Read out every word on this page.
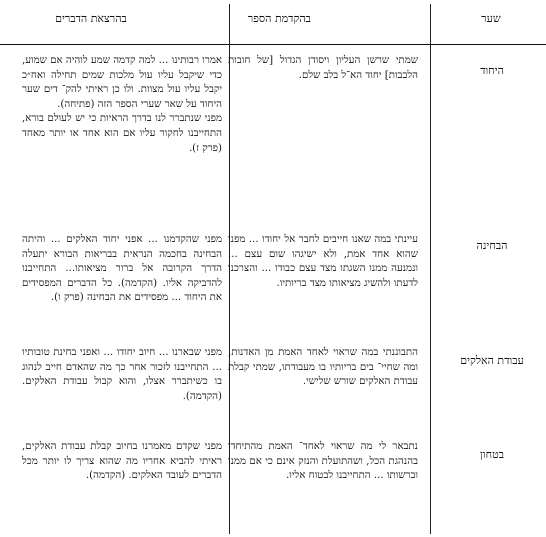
שער
בהקדמת הספר
בהרצאת הדברים
היחוד
שמתי שרשן העליון ויסודן הגדול [של חובות הלבבות] יחוד הא־ל בלב שלם.

אמרו רבותינו ... למה קדמה שמע לוהיה אם שמוע, כדי שיקבל עליו עול מלכות שמים תחילה ואח״כ יקבל עליו עול מצוות. ולו כן ראיתי להק־ דים שער היחוד על שאר שערי הספר הזה (פתיחה).

מפני שנתברר לנו בדרך הראיות כי יש לעולם בורא, התחייבנו לחקור עליו אם הוא אחד או יותר מאחד (פרק ז).

הבחינה
עיינתי במה שאנו חייבים לחבר אל יחודו ... מפני שהוא אחד אמת, ולא ישיגהו שום עצם ... ונמנעה ממנו השגתו מצד עצם כבודו ... והצרכנו לדעתו ולהשיג מציאותו מצד בריותיו.

מפני שהקדמנו ... אפני יחוד האלקים ... והיתה הבחינה בחכמה הנראית בבריאות הבורא יתעלה הדרך הקרובה אל ברור מציאותו... התחייבנו להדביקה אליו. (הקדמה). כל הדברים המפסידים את היחוד ... מפסידים את הבחינה (פרק ו).

עבודת האלקים
התבוננתי במה שראוי לאחד האמת מן האדנות, ומה שחיי־ בים בריותיו בו מעבודתו, שמתי קבלת עבודת האלקים שורש שלישי.

מפני שבארנו ... חיוב יחודו ... ואפני בחינת טובותיו ... התחייבנו לזכור אחר כך מה שהאדם חייב לנהוג בו כשיתברר אצלו, והוא קבול עבודת האלקים. (הקדמה).

בטחון
נתבאר לי מה שראוי לאחד־ האמת מהתיחדו בהנהגת הכל, ושהתועלת והנזק אינם כי אם ממנו וברשותו ... התחייבנו לבטוח אליו.

מפני שקדם מאמרנו בחיוב קבלת עבודת האלקים, ראיתי להביא אחריו מה שהוא צריך לו יותר מכל הדברים לעובד האלקים. (הקדמה).
